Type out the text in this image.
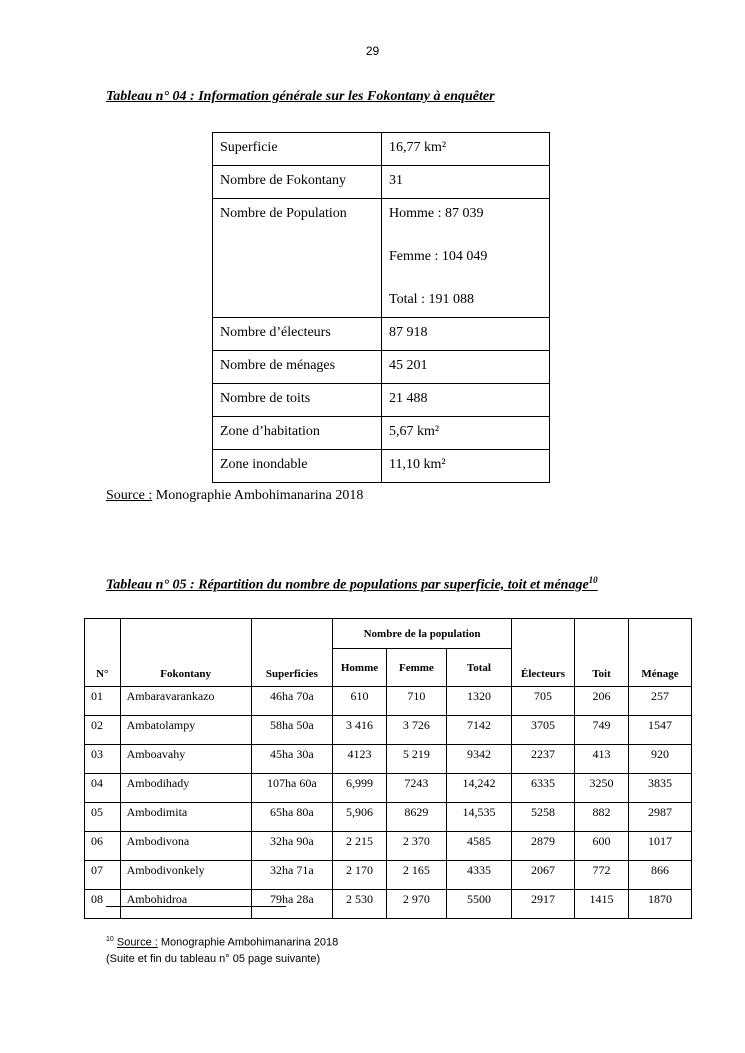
29
Tableau n° 04 : Information générale sur les Fokontany à enquêter
Superficie	16,77 km²
Nombre de Fokontany	31
Nombre de Population	Homme : 87 039
Femme : 104 049
Total : 191 088

Nombre d’électeurs	87 918
Nombre de ménages	45 201
Nombre de toits	21 488
Zone d’habitation	5,67 km²
Zone inondable	11,10 km²
Source : Monographie Ambohimanarina 2018
Tableau n° 05 : Répartition du nombre de populations par superficie, toit et ménage$^{10}$
N°	Fokontany	Superficies	Nombre de la population			Électeurs	Toit	Ménage
			Homme	Femme	Total			
01	Ambaravarankazo	46ha 70a	610	710	1320	705	206	257
02	Ambatolampy	58ha 50a	3 416	3 726	7142	3705	749	1547
03	Amboavahy	45ha 30a	4123	5 219	9342	2237	413	920
04	Ambodihady	107ha 60a	6,999	7243	14,242	6335	3250	3835
05	Ambodimita	65ha 80a	5,906	8629	14,535	5258	882	2987
06	Ambodivona	32ha 90a	2 215	2 370	4585	2879	600	1017
07	Ambodivonkely	32ha 71a	2 170	2 165	4335	2067	772	866
08	Ambohidroa	79ha 28a	2 530	2 970	5500	2917	1415	1870
$^{10}$ Source : Monographie Ambohimanarina 2018
(Suite et fin du tableau n° 05 page suivante)
